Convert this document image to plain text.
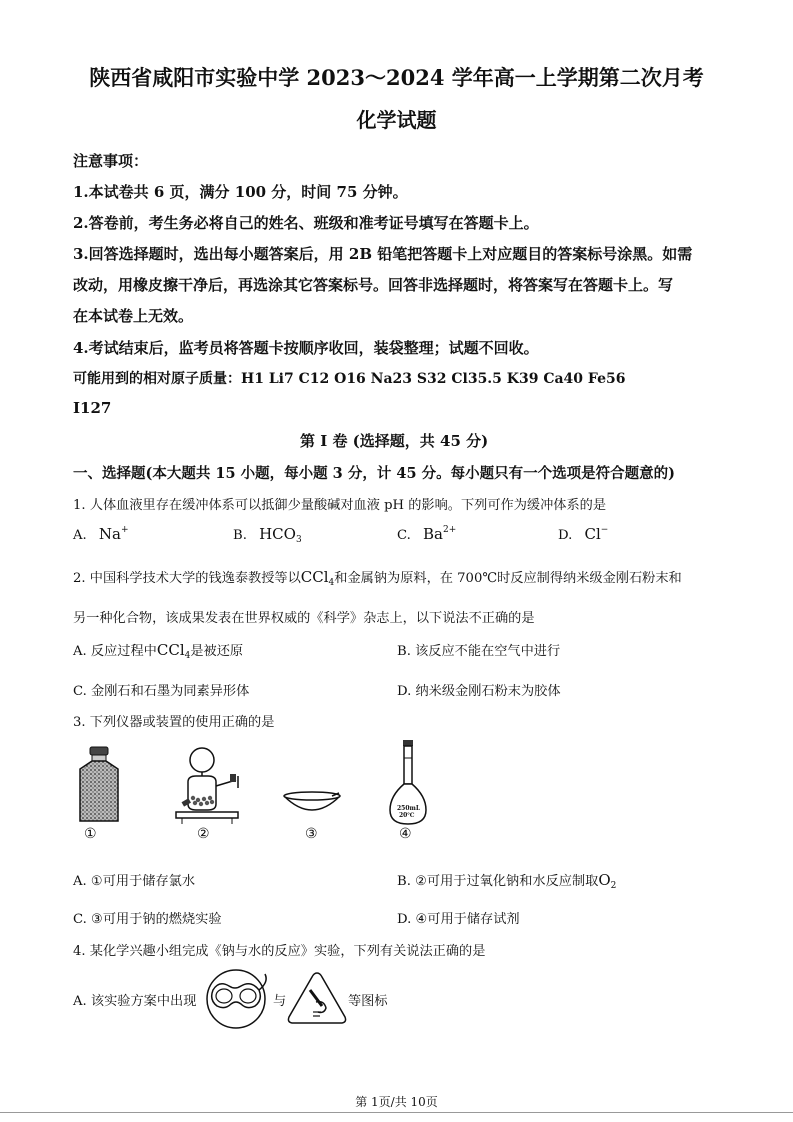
陕西省咸阳市实验中学 2023～2024 学年高一上学期第二次月考
化学试题
注意事项：
1.本试卷共 6 页，满分 100 分，时间 75 分钟。
2.答卷前，考生务必将自己的姓名、班级和准考证号填写在答题卡上。
3.回答选择题时，选出每小题答案后，用 2B 铅笔把答题卡上对应题目的答案标号涂黑。如需
改动，用橡皮擦干净后，再选涂其它答案标号。回答非选择题时，将答案写在答题卡上。写
在本试卷上无效。
4.考试结束后，监考员将答题卡按顺序收回，装袋整理；试题不回收。
可能用到的相对原子质量：H1 Li7 C12 O16 Na23 S32 Cl35.5 K39 Ca40 Fe56
I127
第 I 卷 (选择题，共 45 分)
一、选择题(本大题共 15 小题，每小题 3 分，计 45 分。每小题只有一个选项是符合题意的)
1. 人体血液里存在缓冲体系可以抵御少量酸碱对血液 pH 的影响。下列可作为缓冲体系的是
A. Na+	B. $HCO_3$	C. $Ba^{2+}$	D. Cl−
2. 中国科学技术大学的钱逸泰教授等以CCl$_4$和金属钠为原料，在 700℃时反应制得纳米级金刚石粉末和
另一种化合物，该成果发表在世界权威的《科学》杂志上，以下说法不正确的是
A. 反应过程中CCl$_4$是被还原	B. 该反应不能在空气中进行
C. 金刚石和石墨为同素异形体	D. 纳米级金刚石粉末为胶体
3. 下列仪器或装置的使用正确的是
①	②	③
250mL
20℃
④
A. ①可用于储存氯水	B. ②可用于过氧化钠和水反应制取$O_2$
C. ③可用于钠的燃烧实验	D. ④可用于储存试剂
4. 某化学兴趣小组完成《钠与水的反应》实验，下列有关说法正确的是
A. 该实验方案中出现	与	等图标
第 1页/共 10页
